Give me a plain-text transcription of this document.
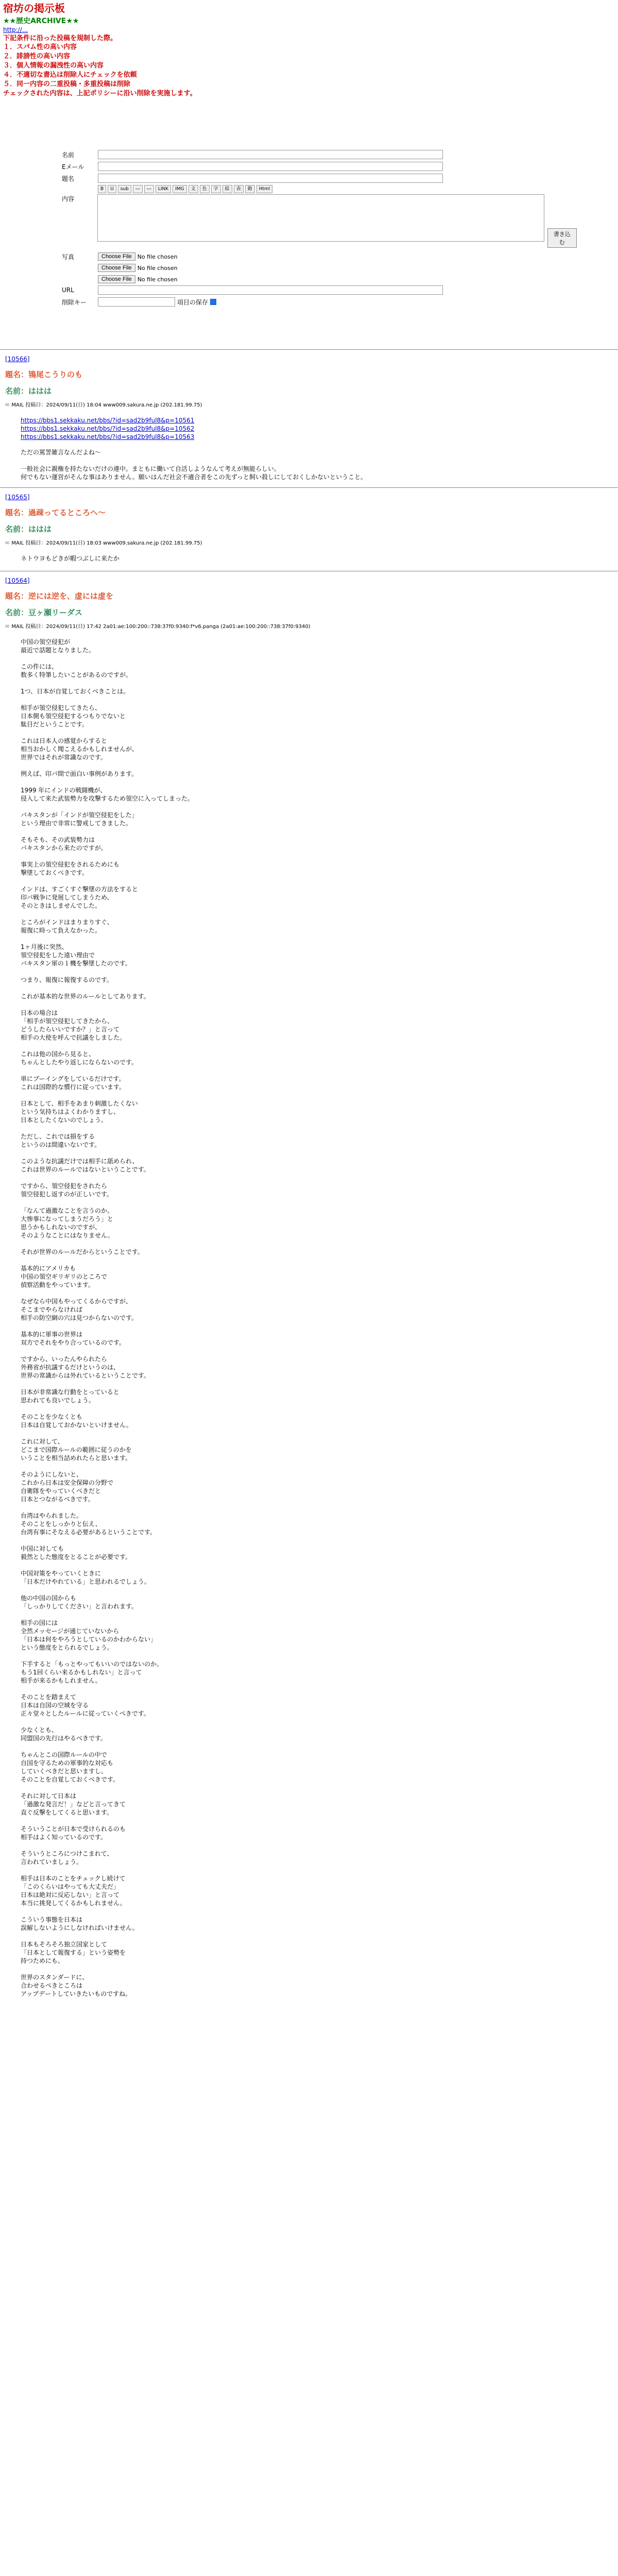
宿坊の掲示板
★★歴史ARCHIVE★★
http://...
下記条件に沿った投稿を規制した際。
１．スパム性の高い内容
２．誹謗性の高い内容
３．個人情報の漏洩性の高い内容
４．不適切な書込は削除人にチェックを依頼
５．同一内容の二重投稿・多重投稿は削除
チェックされた内容は、上記ポリシーに沿い削除を実施します。
名前
Eメール
題名
B	U	sub	―	―	LINK	IMG	文	色	字	絵	表	動	Html
内容
書き込む
写真	Choose File	No file chosen
Choose File	No file chosen
Choose File	No file chosen
URL
削除キー	項目の保存
[10566]
題名：鴇尾こうりのも
名前：ははは
✉ MAIL 投稿日：2024/09/11(日) 18:04 www009.sakura.ne.jp (202.181.99.75)
https://bbs1.sekkaku.net/bbs/?id=sad2b9ful8&p=10561
https://bbs1.sekkaku.net/bbs/?id=sad2b9ful8&p=10562
https://bbs1.sekkaku.net/bbs/?id=sad2b9ful8&p=10563
ただの罵詈雑言なんだよね～

一般社会に親権を持たないだけの連中。まともに働いて自活しようなんて考えが無能らしい。
何でもない運営がそんな事はありません。願いはんだ社会不適合者をこの先ずっと飼い殺しにしておくしかないということ。
[10565]
題名：過疎ってるところへ〜
名前：ははは
✉ MAIL 投稿日：2024/09/11(日) 18:03 www009.sakura.ne.jp (202.181.99.75)
ネトウヨもどきが暇つぶしに来たか
[10564]
題名：逆には逆を、虚には虚を
名前：豆ヶ瀬リーダス
✉ MAIL 投稿日：2024/09/11(日) 17:42 2a01:ae:100:200::738:37f0:9340:f*v6.panga (2a01:ae:100:200::738:37f0:9340)
中国の領空侵犯が
最近で話題となりました。

この件には、
数多く特筆したいことがあるのですが。

1つ、日本が自覚しておくべきことは。

相手が領空侵犯してきたら、
日本側も領空侵犯するつもりでないと
駄目だということです。

これは日本人の感覚からすると
相当おかしく聞こえるかもしれませんが、
世界ではそれが常識なのです。

例えば、印パ間で面白い事例があります。

1999 年にインドの戦闘機が、
侵入して来た武装勢力を攻撃するため領空に入ってしまった。

パキスタンが「インドが領空侵犯をした」
という理由で非常に警戒してきました。

そもそも、その武装勢力は
パキスタンから来たのですが。

事実上の領空侵犯をされるためにも
撃墜しておくべきです。

インドは、すごくすぐ撃墜の方法をすると
印パ戦争に発展してしまうため、
そのときはしませんでした。

ところがインドはまりまりすぐ、
報復に時って負えなかった。

1ヶ月後に突然、
領空侵犯をした遠い理由で
パキスタン軍の１機を撃墜したのです。

つまり、報復に報復するのです。

これが基本的な世界のルールとしてあります。

日本の場合は
「相手が領空侵犯してきたから、
どうしたらいいですか？」と言って
相手の大使を呼んで抗議をしました。

これは他の国から見ると、
ちゃんとしたやり返しにならないのです。

単にブーイングをしているだけです。
これは国際的な慣行に従っています。

日本として、相手をあまり刺激したくない
という気持ちはよくわかりますし、
日本としたくないのでしょう。

ただし、これでは損をする
というのは間違いないです。

このような抗議だけでは相手に舐められ、
これは世界のルールではないということです。

ですから、領空侵犯をされたら
領空侵犯し返すのが正しいです。

「なんて過激なことを言うのか。
大惨事になってしまうだろう」と
思うかもしれないのですが、
そのようなことにはなりません。

それが世界のルールだからということです。

基本的にアメリカも
中国の領空ギリギリのところで
偵察活動をやっています。

なぜなら中国もやってくるからですが、
そこまでやらなければ
相手の防空網の穴は見つからないのです。

基本的に軍事の世界は
双方でそれをやり合っているのです。

ですから、いったんやられたら
外務省が抗議するだけというのは、
世界の常識からは外れているということです。

日本が非常識な行動をとっていると
思われても良いでしょう。

そのことを少なくとも
日本は自覚しておかないといけません。

これに対して、
どこまで国際ルールの範囲に従うのかを
いうことを相当詰めれたらと思います。

そのようにしないと、
これから日本は安全保障の分野で
自衛隊をやっていくべきだと
日本とつながるべきです。

台湾はやられました。
そのことをしっかりと伝え、
台湾有事にそなえる必要があるということです。

中国に対しても
毅然とした態度をとることが必要です。

中国対策をやっていくときに
「日本だけやれている」と思われるでしょう。

他の中国の国からも
「しっかりしてください」と言われます。

相手の国には
全然メッセージが通じていないから
「日本は何をやろうとしているのかわからない」
という態度をとられるでしょう。

下手すると「もっとやってもいいのではないのか。
もう1回くらい来るかもしれない」と言って
相手が来るかもしれません。

そのことを踏まえて
日本は自国の空域を守る
正々堂々としたルールに従っていくべきです。

少なくとも、
同盟国の先行はやるべきです。

ちゃんとこの国際ルールの中で
自国を守るための軍事的な対応も
していくべきだと思いますし、
そのことを自覚しておくべきです。

それに対して日本は
「過激な発言だ！」などと言ってきて
直ぐ反撃をしてくると思います。

そういうことが日本で受けられるのも
相手はよく知っているのです。

そういうところにつけこまれて、
言われていましょう。

相手は日本のことをチェックし続けて
「このくらいはやっても大丈夫だ」
日本は絶対に反応しない」と言って
本当に挑発してくるかもしれません。

こういう事態を日本は
誤解しないようにしなければいけません。

日本もそろそろ独立国家として
「日本として報復する」という姿勢を
持つためにも。

世界のスタンダードに、
合わせるべきところは
アップデートしていきたいものですね。
